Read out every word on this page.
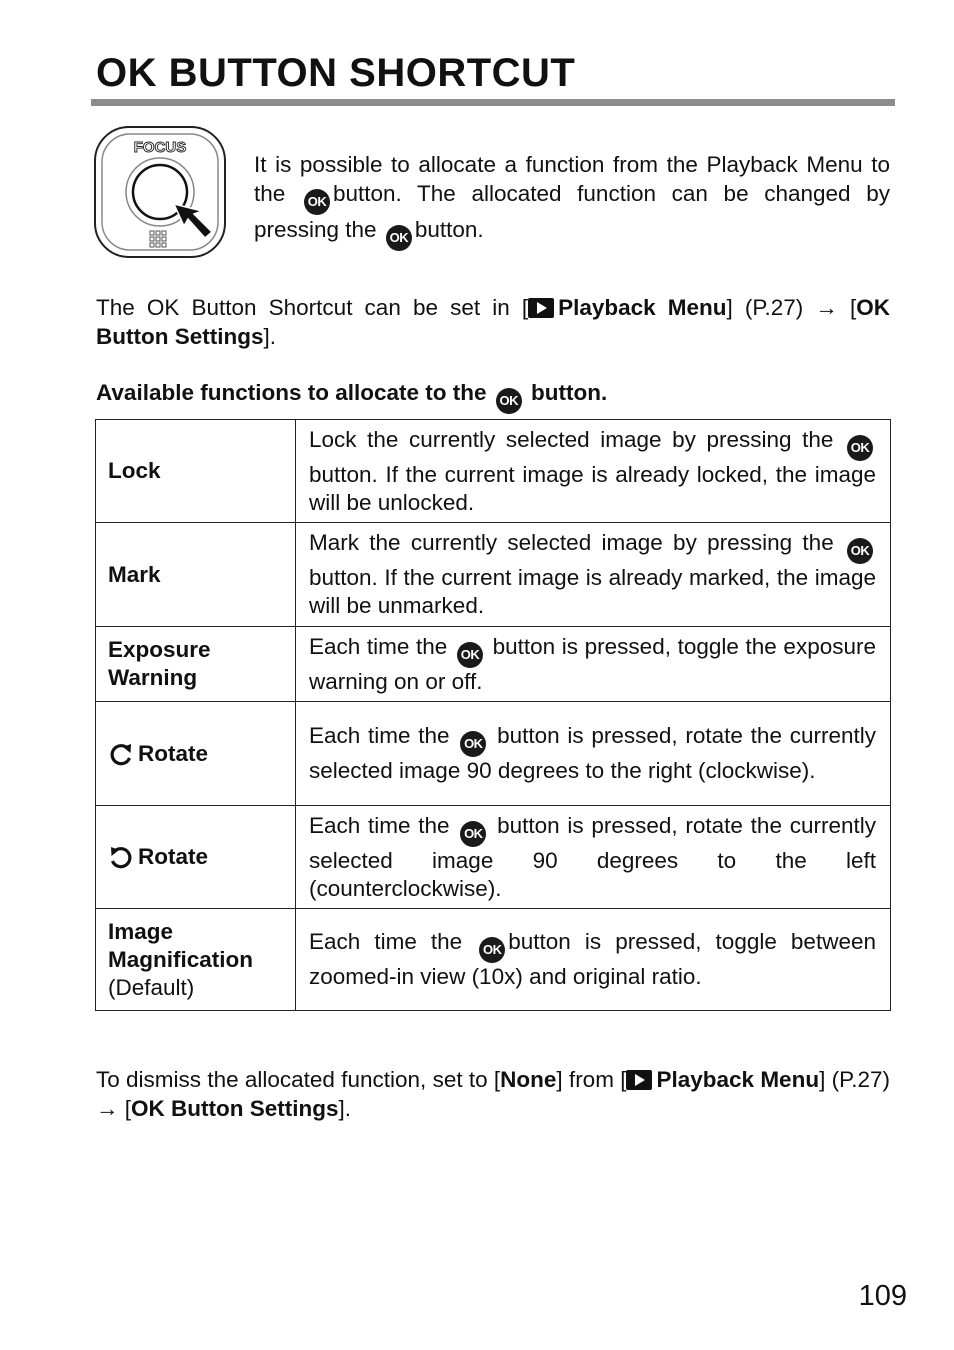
OK BUTTON SHORTCUT
FOCUS

It is possible to allocate a function from the Playback Menu to the OK button. The allocated function can be changed by pressing the OK button.

The OK Button Shortcut can be set in [ Playback Menu] (P.27) → [OK Button Settings].

Available functions to allocate to the OK button.

Lock	Lock the currently selected image by pressing the OK button. If the current image is already locked, the image will be unlocked.
Mark	Mark the currently selected image by pressing the OK button. If the current image is already marked, the image will be unmarked.
Exposure
Warning	Each time the OK button is pressed, toggle the exposure warning on or off.
Rotate	Each time the OK button is pressed, rotate the currently selected image 90 degrees to the right (clockwise).
Rotate	Each time the OK button is pressed, rotate the currently selected image 90 degrees to the left (counterclockwise).
Image
Magnification
(Default)	Each time the OK button is pressed, toggle between zoomed-in view (10x) and original ratio.

To dismiss the allocated function, set to [None] from [ Playback Menu] (P.27) → [OK Button Settings].

109
